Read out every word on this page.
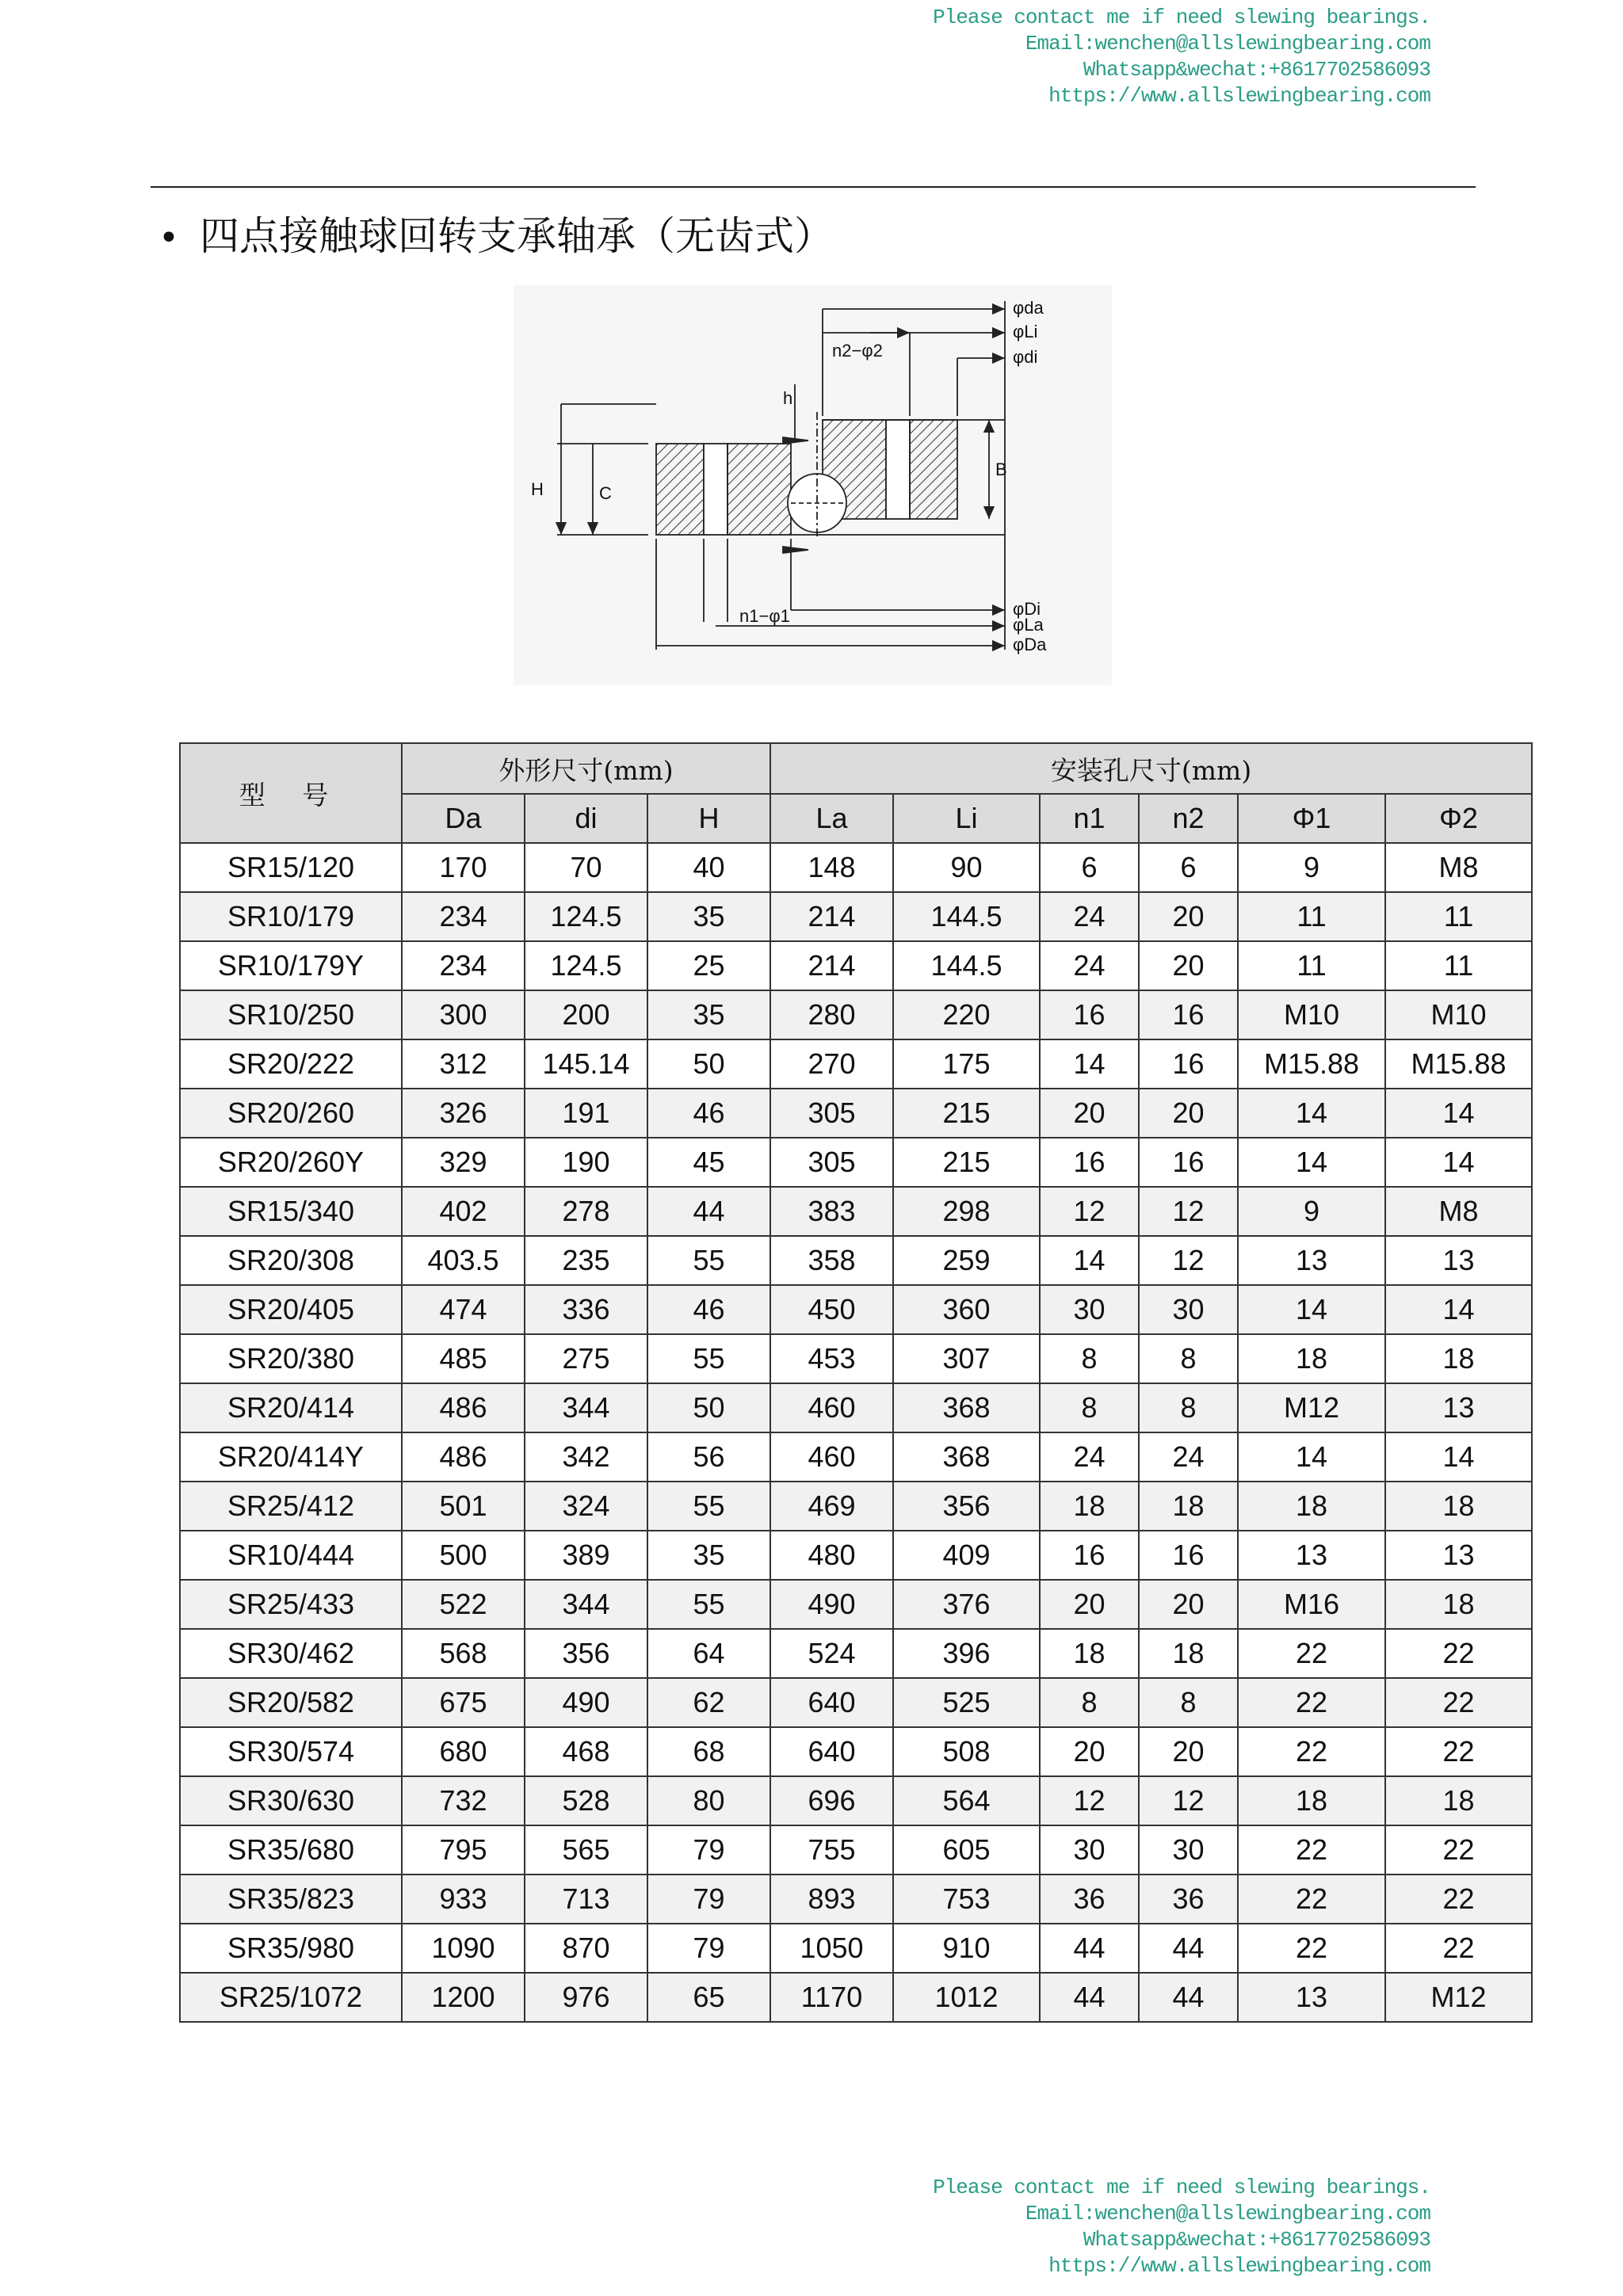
Please contact me if need slewing bearings.
Email:wenchen@allslewingbearing.com
Whatsapp&wechat:+8617702586093
https://www.allslewingbearing.com
• 四点接触球回转支承轴承（无齿式）
φda
φLi
φdi
n2−φ2
h
H	C
B
n1−φ1	φDi
φLa
φDa
型 号	外形尺寸(mm)			安装孔尺寸(mm)					
	Da	di	H	La	Li	n1	n2	Φ1	Φ2
SR15/120	170	70	40	148	90	6	6	9	M8
SR10/179	234	124.5	35	214	144.5	24	20	11	11
SR10/179Y	234	124.5	25	214	144.5	24	20	11	11
SR10/250	300	200	35	280	220	16	16	M10	M10
SR20/222	312	145.14	50	270	175	14	16	M15.88	M15.88
SR20/260	326	191	46	305	215	20	20	14	14
SR20/260Y	329	190	45	305	215	16	16	14	14
SR15/340	402	278	44	383	298	12	12	9	M8
SR20/308	403.5	235	55	358	259	14	12	13	13
SR20/405	474	336	46	450	360	30	30	14	14
SR20/380	485	275	55	453	307	8	8	18	18
SR20/414	486	344	50	460	368	8	8	M12	13
SR20/414Y	486	342	56	460	368	24	24	14	14
SR25/412	501	324	55	469	356	18	18	18	18
SR10/444	500	389	35	480	409	16	16	13	13
SR25/433	522	344	55	490	376	20	20	M16	18
SR30/462	568	356	64	524	396	18	18	22	22
SR20/582	675	490	62	640	525	8	8	22	22
SR30/574	680	468	68	640	508	20	20	22	22
SR30/630	732	528	80	696	564	12	12	18	18
SR35/680	795	565	79	755	605	30	30	22	22
SR35/823	933	713	79	893	753	36	36	22	22
SR35/980	1090	870	79	1050	910	44	44	22	22
SR25/1072	1200	976	65	1170	1012	44	44	13	M12
Please contact me if need slewing bearings.
Email:wenchen@allslewingbearing.com
Whatsapp&wechat:+8617702586093
https://www.allslewingbearing.com
